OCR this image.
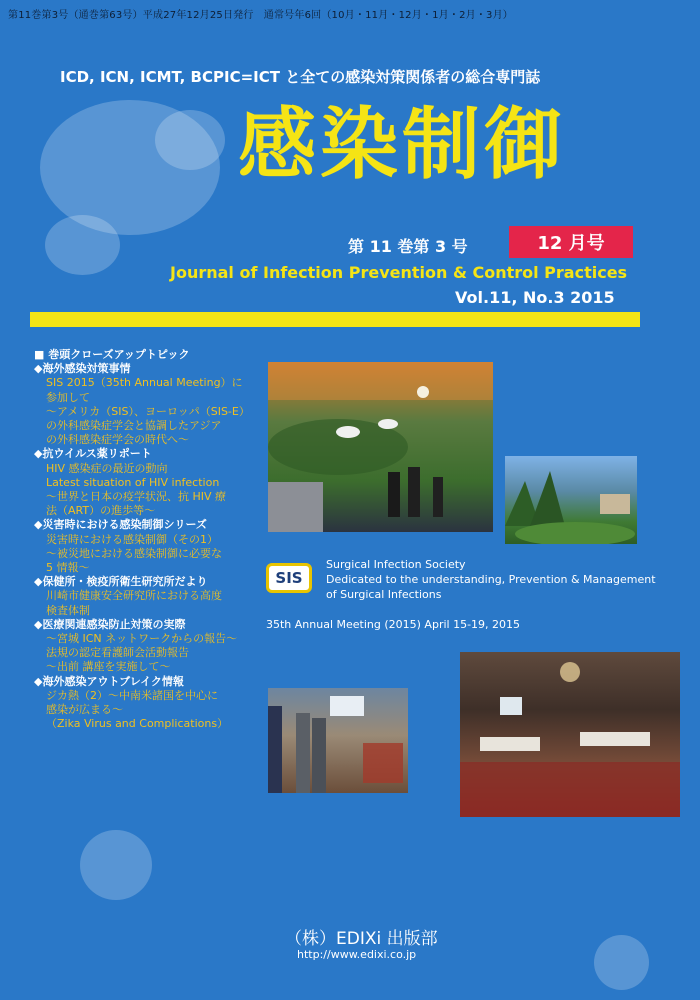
第11巻第3号（通巻第63号）平成27年12月25日発行　通常号年6回（10月・11月・12月・1月・2月・3月）
ICD, ICN, ICMT, BCPIC=ICT と全ての感染対策関係者の総合専門誌
感染制御
第 11 巻第 3 号	12 月号
Journal of Infection Prevention & Control Practices
Vol.11, No.3 2015
■ 巻頭クローズアップトピック
◆海外感染対策事情
SIS 2015（35th Annual Meeting）に
参加して
～アメリカ（SIS）、ヨーロッパ（SIS-E）
の外科感染症学会と協調したアジア
の外科感染症学会の時代へ～
◆抗ウイルス薬リポート
HIV 感染症の最近の動向
Latest situation of HIV infection
～世界と日本の疫学状況、抗 HIV 療
法（ART）の進歩等～
◆災害時における感染制御シリーズ
災害時における感染制御（その1）
～被災地における感染制御に必要な
5 情報～
◆保健所・検疫所衛生研究所だより
川崎市健康安全研究所における高度
検査体制
◆医療関連感染防止対策の実際
～宮城 ICN ネットワークからの報告～
法規の認定看護師会活動報告
～出前 講座を実施して～
◆海外感染アウトブレイク情報
ジカ熱（2）～中南米諸国を中心に
感染が広まる～
（Zika Virus and Complications）
SIS
Surgical Infection Society
Dedicated to the understanding, Prevention & Management
of Surgical Infections
35th Annual Meeting (2015) April 15-19, 2015
（株）EDIXi 出版部
http://www.edixi.co.jp
